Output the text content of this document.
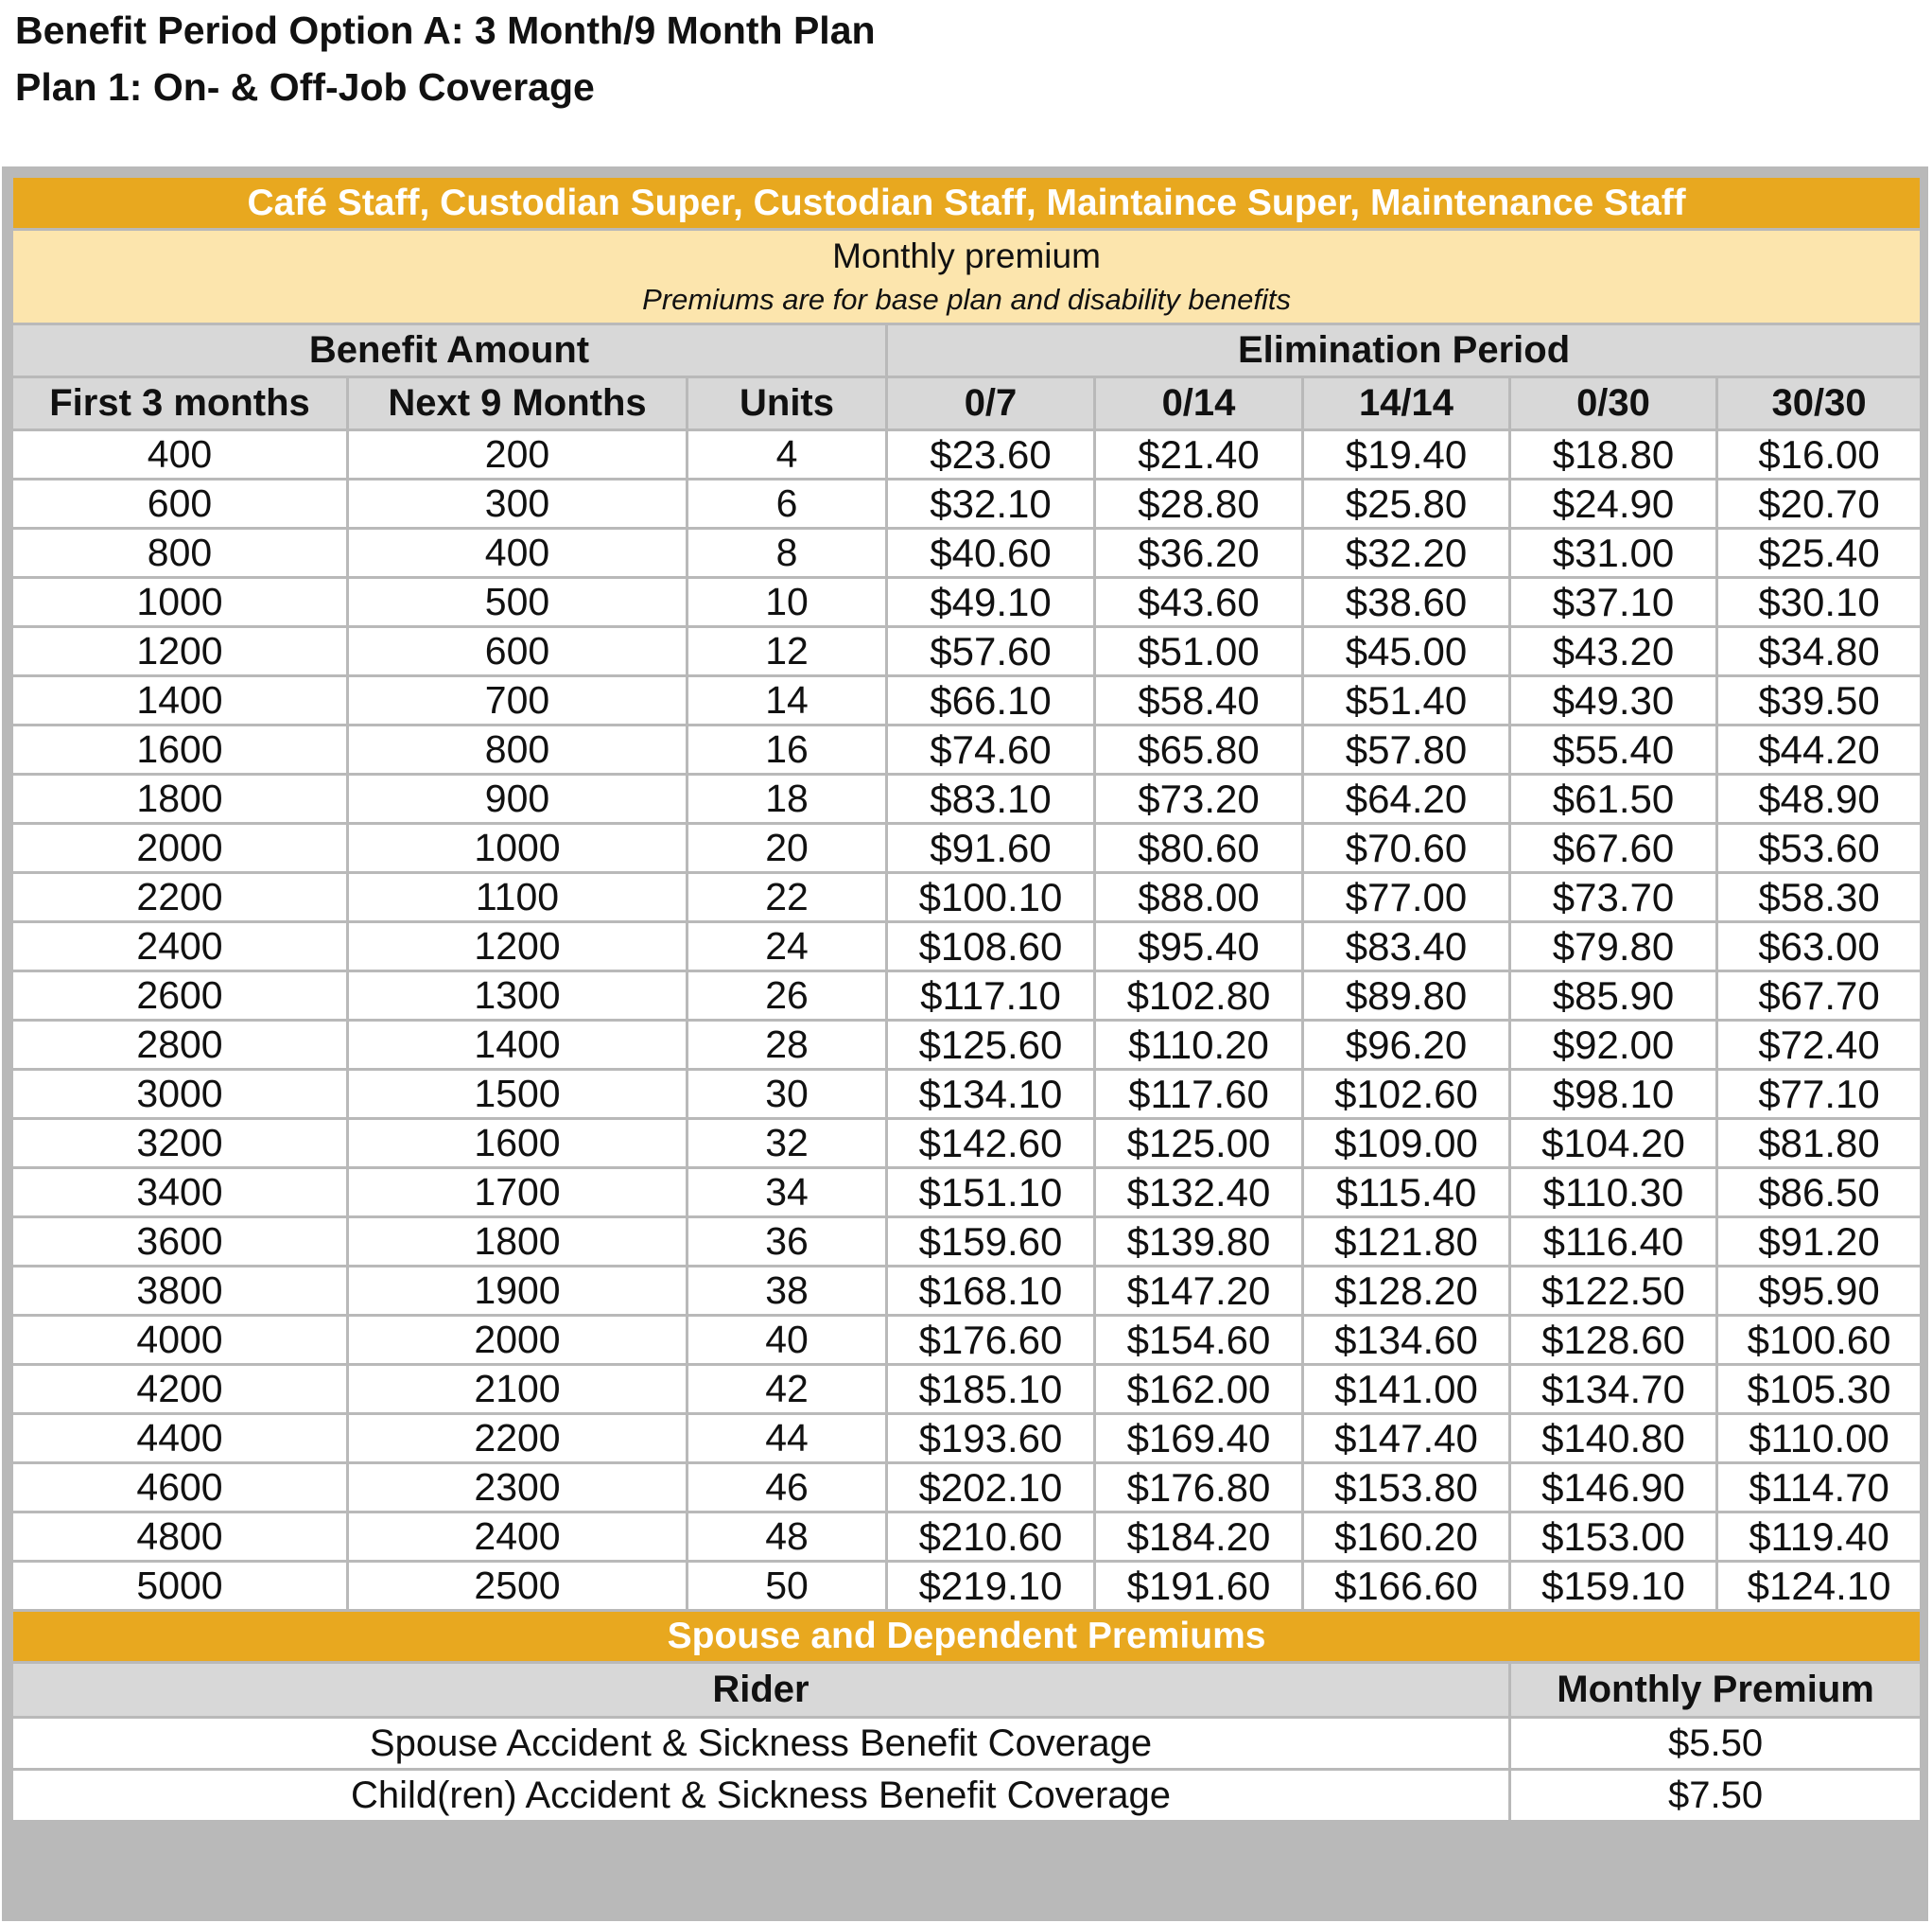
Benefit Period Option A: 3 Month/9 Month Plan
Plan 1: On- & Off-Job Coverage
Café Staff, Custodian Super, Custodian Staff, Maintaince Super, Maintenance Staff							

Monthly premium
Premiums are for base plan and disability benefits							

Benefit Amount			Elimination Period				
First 3 months	Next 9 Months	Units	0/7	0/14	14/14	0/30	30/30
400	200	4	$23.60	$21.40	$19.40	$18.80	$16.00
600	300	6	$32.10	$28.80	$25.80	$24.90	$20.70
800	400	8	$40.60	$36.20	$32.20	$31.00	$25.40
1000	500	10	$49.10	$43.60	$38.60	$37.10	$30.10
1200	600	12	$57.60	$51.00	$45.00	$43.20	$34.80
1400	700	14	$66.10	$58.40	$51.40	$49.30	$39.50
1600	800	16	$74.60	$65.80	$57.80	$55.40	$44.20
1800	900	18	$83.10	$73.20	$64.20	$61.50	$48.90
2000	1000	20	$91.60	$80.60	$70.60	$67.60	$53.60
2200	1100	22	$100.10	$88.00	$77.00	$73.70	$58.30
2400	1200	24	$108.60	$95.40	$83.40	$79.80	$63.00
2600	1300	26	$117.10	$102.80	$89.80	$85.90	$67.70
2800	1400	28	$125.60	$110.20	$96.20	$92.00	$72.40
3000	1500	30	$134.10	$117.60	$102.60	$98.10	$77.10
3200	1600	32	$142.60	$125.00	$109.00	$104.20	$81.80
3400	1700	34	$151.10	$132.40	$115.40	$110.30	$86.50
3600	1800	36	$159.60	$139.80	$121.80	$116.40	$91.20
3800	1900	38	$168.10	$147.20	$128.20	$122.50	$95.90
4000	2000	40	$176.60	$154.60	$134.60	$128.60	$100.60
4200	2100	42	$185.10	$162.00	$141.00	$134.70	$105.30
4400	2200	44	$193.60	$169.40	$147.40	$140.80	$110.00
4600	2300	46	$202.10	$176.80	$153.80	$146.90	$114.70
4800	2400	48	$210.60	$184.20	$160.20	$153.00	$119.40
5000	2500	50	$219.10	$191.60	$166.60	$159.10	$124.10
Spouse and Dependent Premiums							
Rider						Monthly Premium	
Spouse Accident & Sickness Benefit Coverage						$5.50	
Child(ren) Accident & Sickness Benefit Coverage						$7.50	
